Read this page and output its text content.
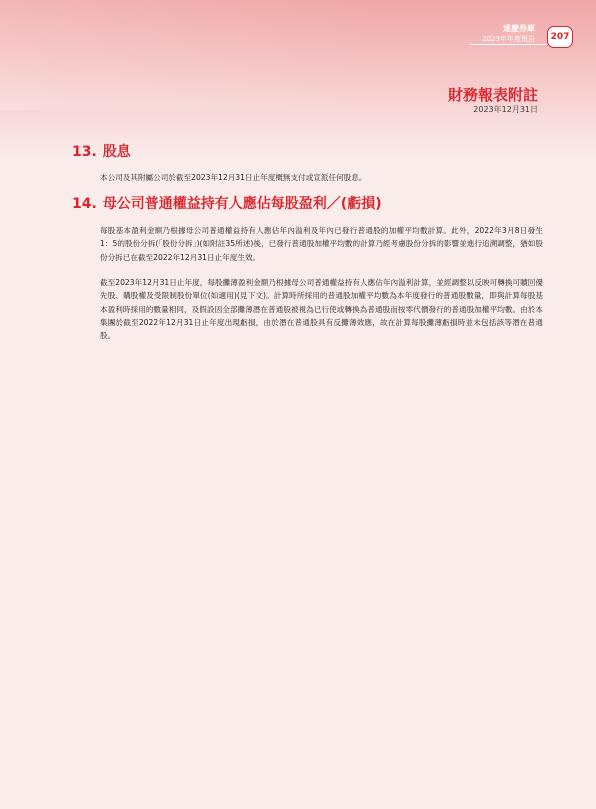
達慶券庫
2023年年度報告	207
財務報表附註
2023年12月31日
13. 股息
本公司及其附屬公司於截至2023年12月31日止年度概無支付或宣派任何股息。
14. 母公司普通權益持有人應佔每股盈利／(虧損)
每股基本盈利金額乃根據母公司普通權益持有人應佔年內溢利及年內已發行普通股的加權平均數計算。此外，2022年3月8日發生1：5的股份分拆(「股份分拆」)(如附註35所述)後，已發行普通股加權平均數的計算乃經考慮股份分拆的影響並進行追溯調整，猶如股份分拆已在截至2022年12月31日止年度生效。
截至2023年12月31日止年度，每股攤薄盈利金額乃根據母公司普通權益持有人應佔年內溢利計算，並經調整以反映可轉換可贖回優先股、購股權及受限制股份單位(如適用)(見下文)。計算時所採用的普通股加權平均數為本年度發行的普通股數量，即與計算每股基本盈利時採用的數量相同，及假設因全部攤薄潛在普通股被視為已行使或轉換為普通股而按零代價發行的普通股加權平均數。由於本集團於截至2022年12月31日止年度出現虧損，由於潛在普通股具有反攤薄效應，故在計算每股攤薄虧損時並未包括該等潛在普通股。
